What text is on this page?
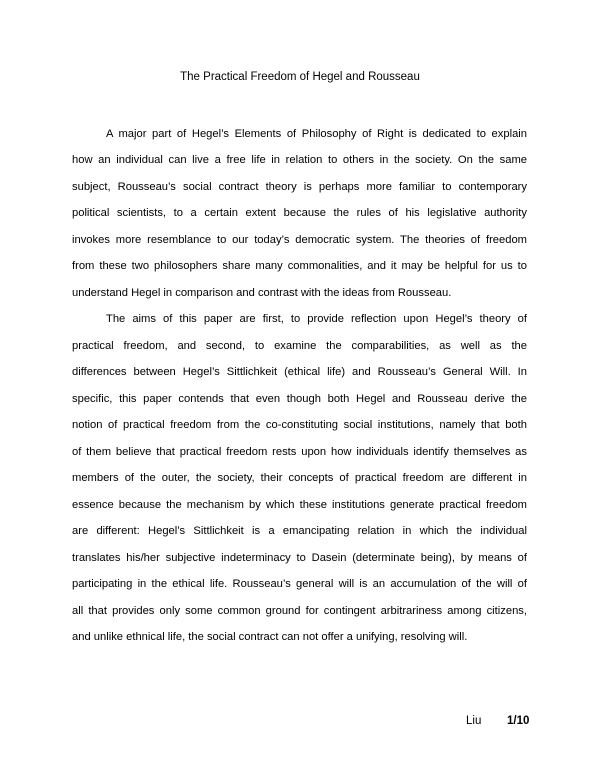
The Practical Freedom of Hegel and Rousseau
A major part of Hegel’s Elements of Philosophy of Right is dedicated to explain
how an individual can live a free life in relation to others in the society. On the same
subject, Rousseau’s social contract theory is perhaps more familiar to contemporary
political scientists, to a certain extent because the rules of his legislative authority
invokes more resemblance to our today’s democratic system. The theories of freedom
from these two philosophers share many commonalities, and it may be helpful for us to
understand Hegel in comparison and contrast with the ideas from Rousseau.
The aims of this paper are first, to provide reflection upon Hegel’s theory of
practical freedom, and second, to examine the comparabilities, as well as the
differences between Hegel’s Sittlichkeit (ethical life) and Rousseau’s General Will. In
specific, this paper contends that even though both Hegel and Rousseau derive the
notion of practical freedom from the co-constituting social institutions, namely that both
of them believe that practical freedom rests upon how individuals identify themselves as
members of the outer, the society, their concepts of practical freedom are different in
essence because the mechanism by which these institutions generate practical freedom
are different: Hegel’s Sittlichkeit is a emancipating relation in which the individual
translates his/her subjective indeterminacy to Dasein (determinate being), by means of
participating in the ethical life. Rousseau’s general will is an accumulation of the will of
all that provides only some common ground for contingent arbitrariness among citizens,
and unlike ethnical life, the social contract can not offer a unifying, resolving will.
Liu 1/10
